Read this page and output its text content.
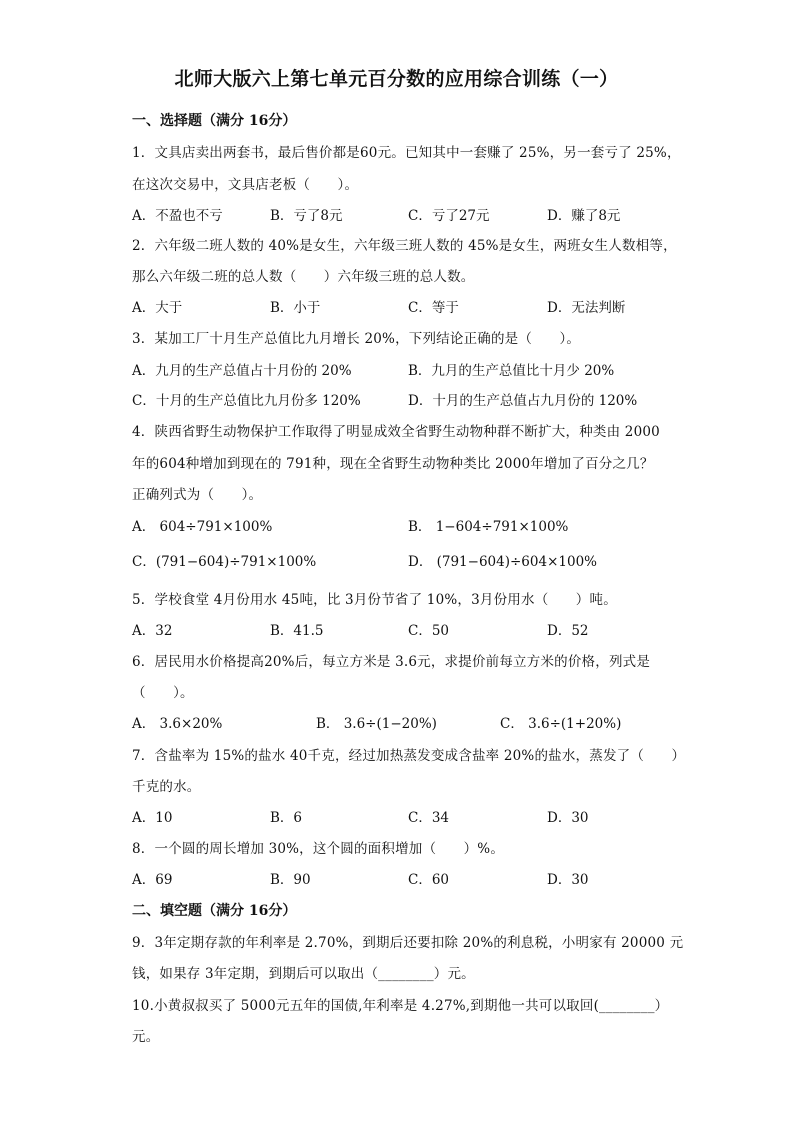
北师大版六上第七单元百分数的应用综合训练（一）
一、选择题（满分 16分）
1．文具店卖出两套书，最后售价都是60元。已知其中一套赚了 25%，另一套亏了 25%，
在这次交易中，文具店老板（　　）。
A．不盈也不亏	B．亏了8元	C．亏了27元	D．赚了8元
2．六年级二班人数的 40%是女生，六年级三班人数的 45%是女生，两班女生人数相等，
那么六年级二班的总人数（　　）六年级三班的总人数。
A．大于	B．小于	C．等于	D．无法判断
3．某加工厂十月生产总值比九月增长 20%，下列结论正确的是（　　）。
A．九月的生产总值占十月份的 20%	B．九月的生产总值比十月少 20%
C．十月的生产总值比九月份多 120%	D．十月的生产总值占九月份的 120%
4．陕西省野生动物保护工作取得了明显成效全省野生动物种群不断扩大，种类由 2000
年的604种增加到现在的 791种，现在全省野生动物种类比 2000年增加了百分之几？
正确列式为（　　）。
A． 604÷791×100%	B． 1−604÷791×100%
C．(791−604)÷791×100%	D． (791−604)÷604×100%
5．学校食堂 4月份用水 45吨，比 3月份节省了 10%，3月份用水（　　）吨。
A．32	B．41.5	C．50	D．52
6．居民用水价格提高20%后，每立方米是 3.6元，求提价前每立方米的价格，列式是
（　　）。
A． 3.6×20%	B． 3.6÷(1−20%)	C． 3.6÷(1+20%)
7．含盐率为 15%的盐水 40千克，经过加热蒸发变成含盐率 20%的盐水，蒸发了（　　）
千克的水。
A．10	B．6	C．34	D．30
8．一个圆的周长增加 30%，这个圆的面积增加（　　）%。
A．69	B．90	C．60	D．30
二、填空题（满分 16分）
9．3年定期存款的年利率是 2.70%，到期后还要扣除 20%的利息税，小明家有 20000 元
钱，如果存 3年定期，到期后可以取出（________）元。
10.小黄叔叔买了 5000元五年的国债,年利率是 4.27%,到期他一共可以取回(________）
元。
